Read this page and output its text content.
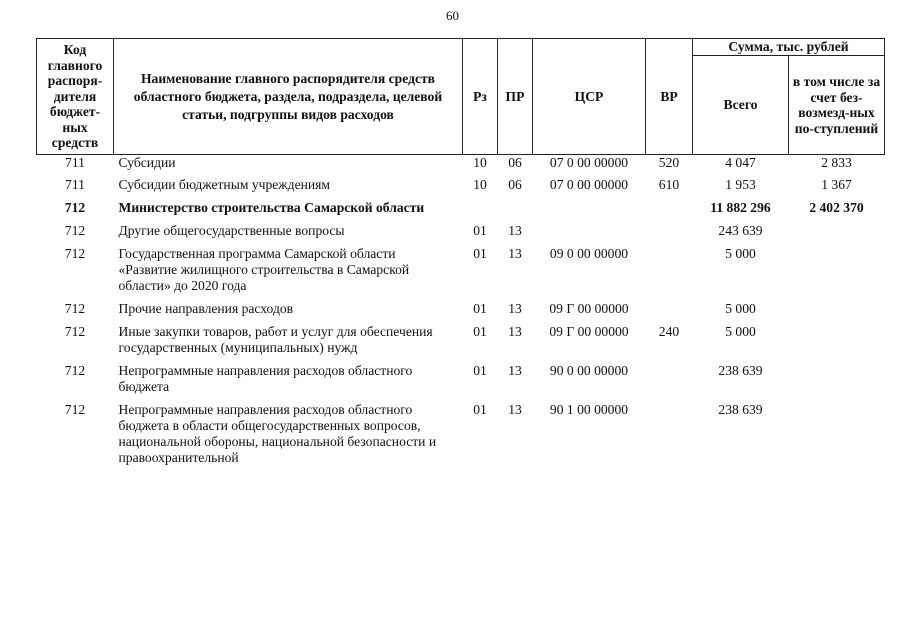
60
Код главного распоря-дителя бюджет-ных средств	Наименование главного распорядителя средств областного бюджета, раздела, подраздела, целевой статьи, подгруппы видов расходов	Рз	ПР	ЦСР	ВР	Сумма, тыс. рублей	
						Всего	в том числе за счет без-возмезд-ных по-ступлений
711	Субсидии	10	06	07 0 00 00000	520	4 047	2 833
711	Субсидии бюджетным учреждениям	10	06	07 0 00 00000	610	1 953	1 367
712	Министерство строительства Самарской области					11 882 296	2 402 370
712	Другие общегосударственные вопросы	01	13			243 639	
712	Государственная программа Самарской области «Развитие жилищного строительства в Самарской области» до 2020 года	01	13	09 0 00 00000		5 000	
712	Прочие направления расходов	01	13	09 Г 00 00000		5 000	
712	Иные закупки товаров, работ и услуг для обеспечения государственных (муниципальных) нужд	01	13	09 Г 00 00000	240	5 000	
712	Непрограммные направления расходов областного бюджета	01	13	90 0 00 00000		238 639	
712	Непрограммные направления расходов областного бюджета в области общегосударственных вопросов, национальной обороны, национальной безопасности и правоохранительной	01	13	90 1 00 00000		238 639	
